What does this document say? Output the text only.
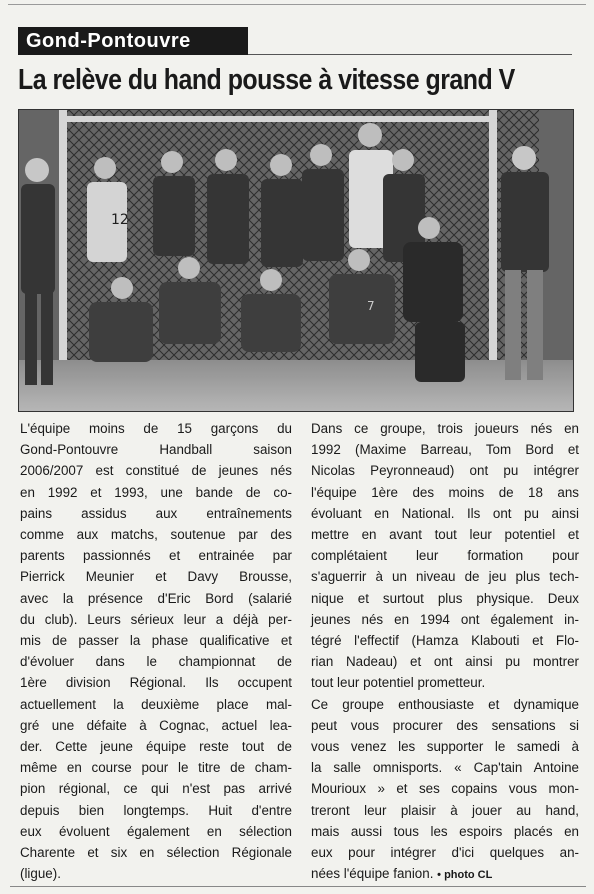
Gond-Pontouvre
La relève du hand pousse à vitesse grand V
12
7

L'équipe moins de 15 garçons du
Gond-Pontouvre Handball saison
2006/2007 est constitué de jeunes nés
en 1992 et 1993, une bande de co-
pains assidus aux entraînements
comme aux matchs, soutenue par des
parents passionnés et entrainée par
Pierrick Meunier et Davy Brousse,
avec la présence d'Eric Bord (salarié
du club). Leurs sérieux leur a déjà per-
mis de passer la phase qualificative et
d'évoluer dans le championnat de
1ère division Régional. Ils occupent
actuellement la deuxième place mal-
gré une défaite à Cognac, actuel lea-
der. Cette jeune équipe reste tout de
même en course pour le titre de cham-
pion régional, ce qui n'est pas arrivé
depuis bien longtemps. Huit d'entre
eux évoluent également en sélection
Charente et six en sélection Régionale
(ligue).

Dans ce groupe, trois joueurs nés en
1992 (Maxime Barreau, Tom Bord et
Nicolas Peyronneaud) ont pu intégrer
l'équipe 1ère des moins de 18 ans
évoluant en National. Ils ont pu ainsi
mettre en avant tout leur potentiel et
complétaient leur formation pour
s'aguerrir à un niveau de jeu plus tech-
nique et surtout plus physique. Deux
jeunes nés en 1994 ont également in-
tégré l'effectif (Hamza Klabouti et Flo-
rian Nadeau) et ont ainsi pu montrer
tout leur potentiel prometteur.
Ce groupe enthousiaste et dynamique
peut vous procurer des sensations si
vous venez les supporter le samedi à
la salle omnisports. « Cap'tain Antoine
Mourioux » et ses copains vous mon-
treront leur plaisir à jouer au hand,
mais aussi tous les espoirs placés en
eux pour intégrer d'ici quelques an-
nées l'équipe fanion. • photo CL
